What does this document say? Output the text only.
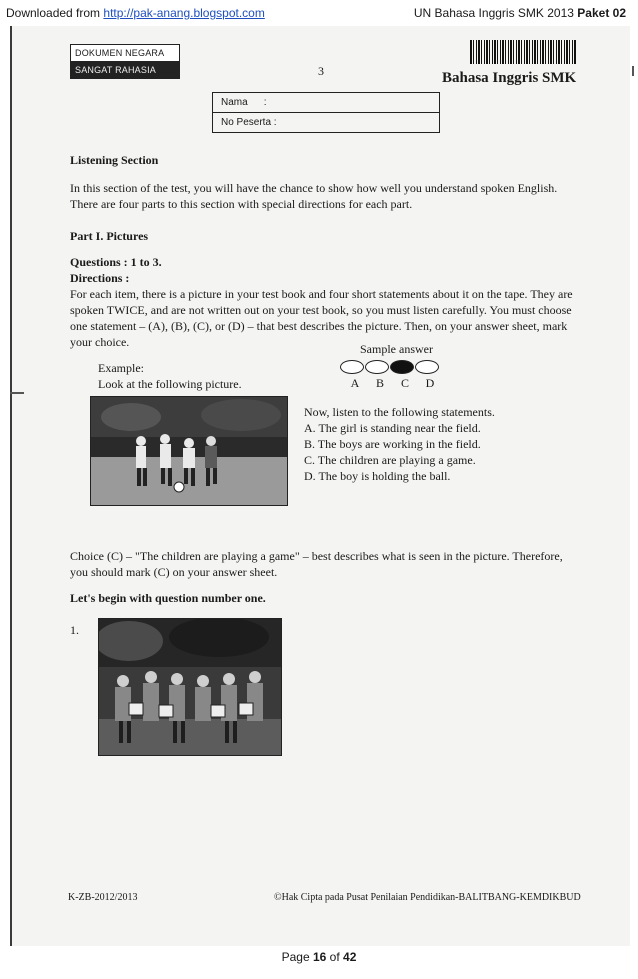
Downloaded from http://pak-anang.blogspot.com	UN Bahasa Inggris SMK 2013 Paket 02
DOKUMEN NEGARA
SANGAT RAHASIA	3	Bahasa Inggris SMK
Nama :
No Peserta :
Listening Section
In this section of the test, you will have the chance to show how well you understand spoken English. There are four parts to this section with special directions for each part.
Part I. Pictures
Questions : 1 to 3.
Directions :
For each item, there is a picture in your test book and four short statements about it on the tape. They are spoken TWICE, and are not written out on your test book, so you must listen carefully. You must choose one statement – (A), (B), (C), or (D) – that best describes the picture. Then, on your answer sheet, mark your choice.
Example:
Look at the following picture.
Sample answer
A	B	C	D
Now, listen to the following statements.
A. The girl is standing near the field.
B. The boys are working in the field.
C. The children are playing a game.
D. The boy is holding the ball.
Choice (C) – "The children are playing a game" – best describes what is seen in the picture. Therefore, you should mark (C) on your answer sheet.
Let's begin with question number one.
1.
K-ZB-2012/2013	©Hak Cipta pada Pusat Penilaian Pendidikan-BALITBANG-KEMDIKBUD
Page 16 of 42
